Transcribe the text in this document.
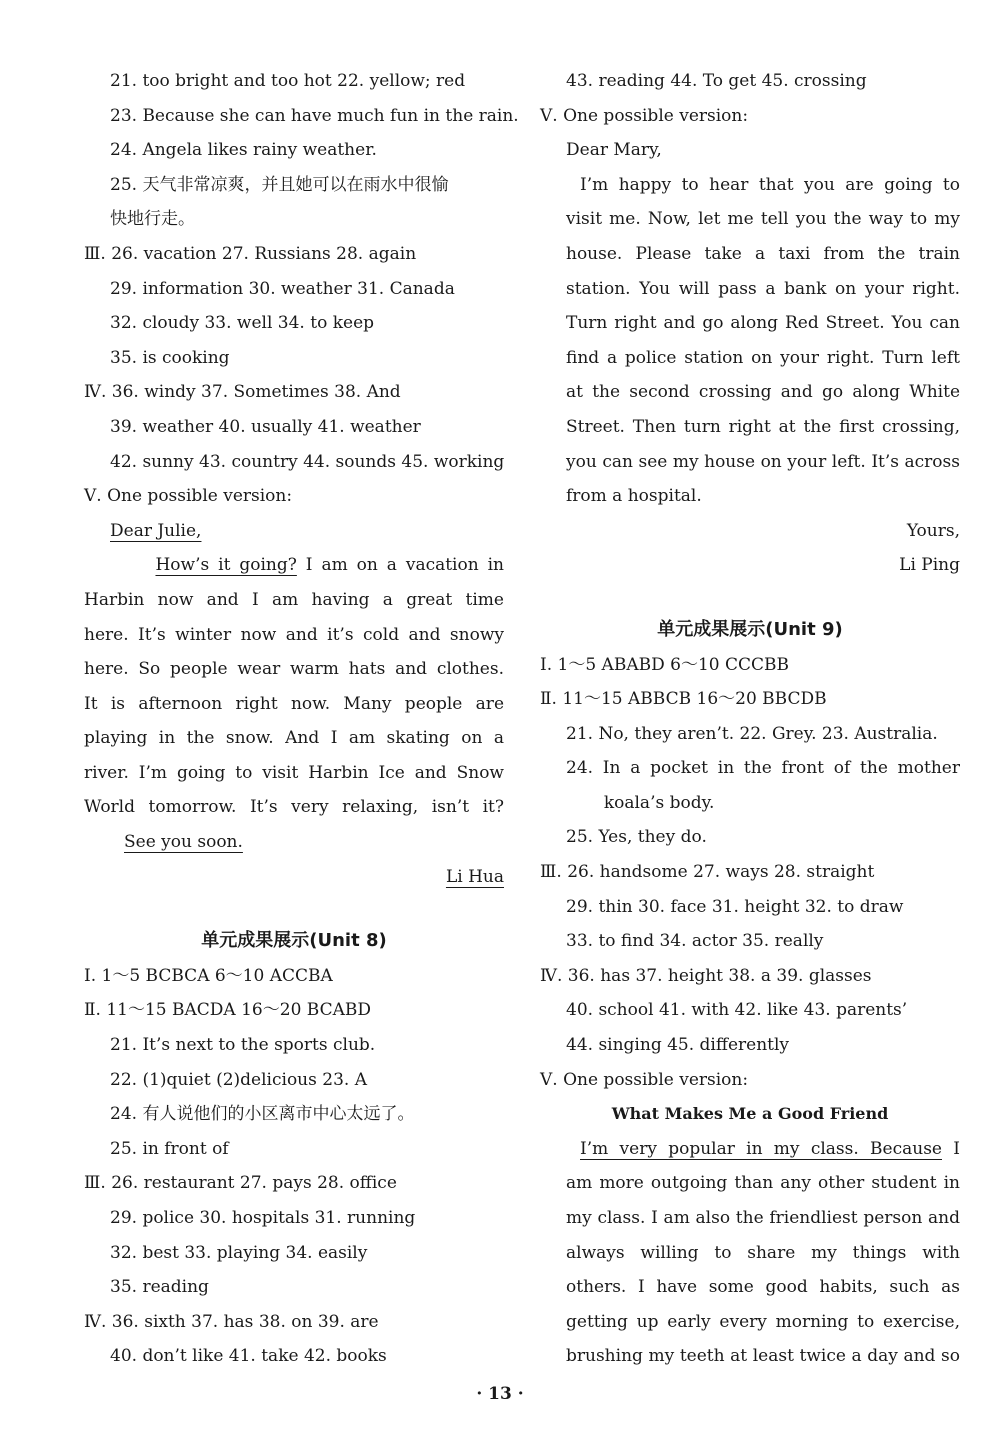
21. too bright and too hot 22. yellow; red
23. Because she can have much fun in the rain.
24. Angela likes rainy weather.
25. 天气非常凉爽，并且她可以在雨水中很愉
快地行走。
Ⅲ. 26. vacation 27. Russians 28. again
29. information 30. weather 31. Canada
32. cloudy 33. well 34. to keep
35. is cooking
Ⅳ. 36. windy 37. Sometimes 38. And
39. weather 40. usually 41. weather
42. sunny 43. country 44. sounds 45. working
Ⅴ. One possible version:
Dear Julie,
How’s it going? I am on a vacation in
Harbin now and I am having a great time
here. It’s winter now and it’s cold and snowy
here. So people wear warm hats and clothes.
It is afternoon right now. Many people are
playing in the snow. And I am skating on a
river. I’m going to visit Harbin Ice and Snow
World tomorrow. It’s very relaxing, isn’t it?
See you soon.
Li Hua
单元成果展示(Unit 8)
Ⅰ. 1～5 BCBCA 6～10 ACCBA
Ⅱ. 11～15 BACDA 16～20 BCABD
21. It’s next to the sports club.
22. (1)quiet (2)delicious 23. A
24. 有人说他们的小区离市中心太远了。
25. in front of
Ⅲ. 26. restaurant 27. pays 28. office
29. police 30. hospitals 31. running
32. best 33. playing 34. easily
35. reading
Ⅳ. 36. sixth 37. has 38. on 39. are
40. don’t like 41. take 42. books
43. reading 44. To get 45. crossing
Ⅴ. One possible version:
Dear Mary,
I’m happy to hear that you are going to
visit me. Now, let me tell you the way to my
house. Please take a taxi from the train
station. You will pass a bank on your right.
Turn right and go along Red Street. You can
find a police station on your right. Turn left
at the second crossing and go along White
Street. Then turn right at the first crossing,
you can see my house on your left. It’s across
from a hospital.
Yours,
Li Ping
单元成果展示(Unit 9)
Ⅰ. 1～5 ABABD 6～10 CCCBB
Ⅱ. 11～15 ABBCB 16～20 BBCDB
21. No, they aren’t. 22. Grey. 23. Australia.
24. In a pocket in the front of the mother
koala’s body.
25. Yes, they do.
Ⅲ. 26. handsome 27. ways 28. straight
29. thin 30. face 31. height 32. to draw
33. to find 34. actor 35. really
Ⅳ. 36. has 37. height 38. a 39. glasses
40. school 41. with 42. like 43. parents’
44. singing 45. differently
Ⅴ. One possible version:
What Makes Me a Good Friend
I’m very popular in my class. Because I
am more outgoing than any other student in
my class. I am also the friendliest person and
always willing to share my things with
others. I have some good habits, such as
getting up early every morning to exercise,
brushing my teeth at least twice a day and so
· 13 ·
